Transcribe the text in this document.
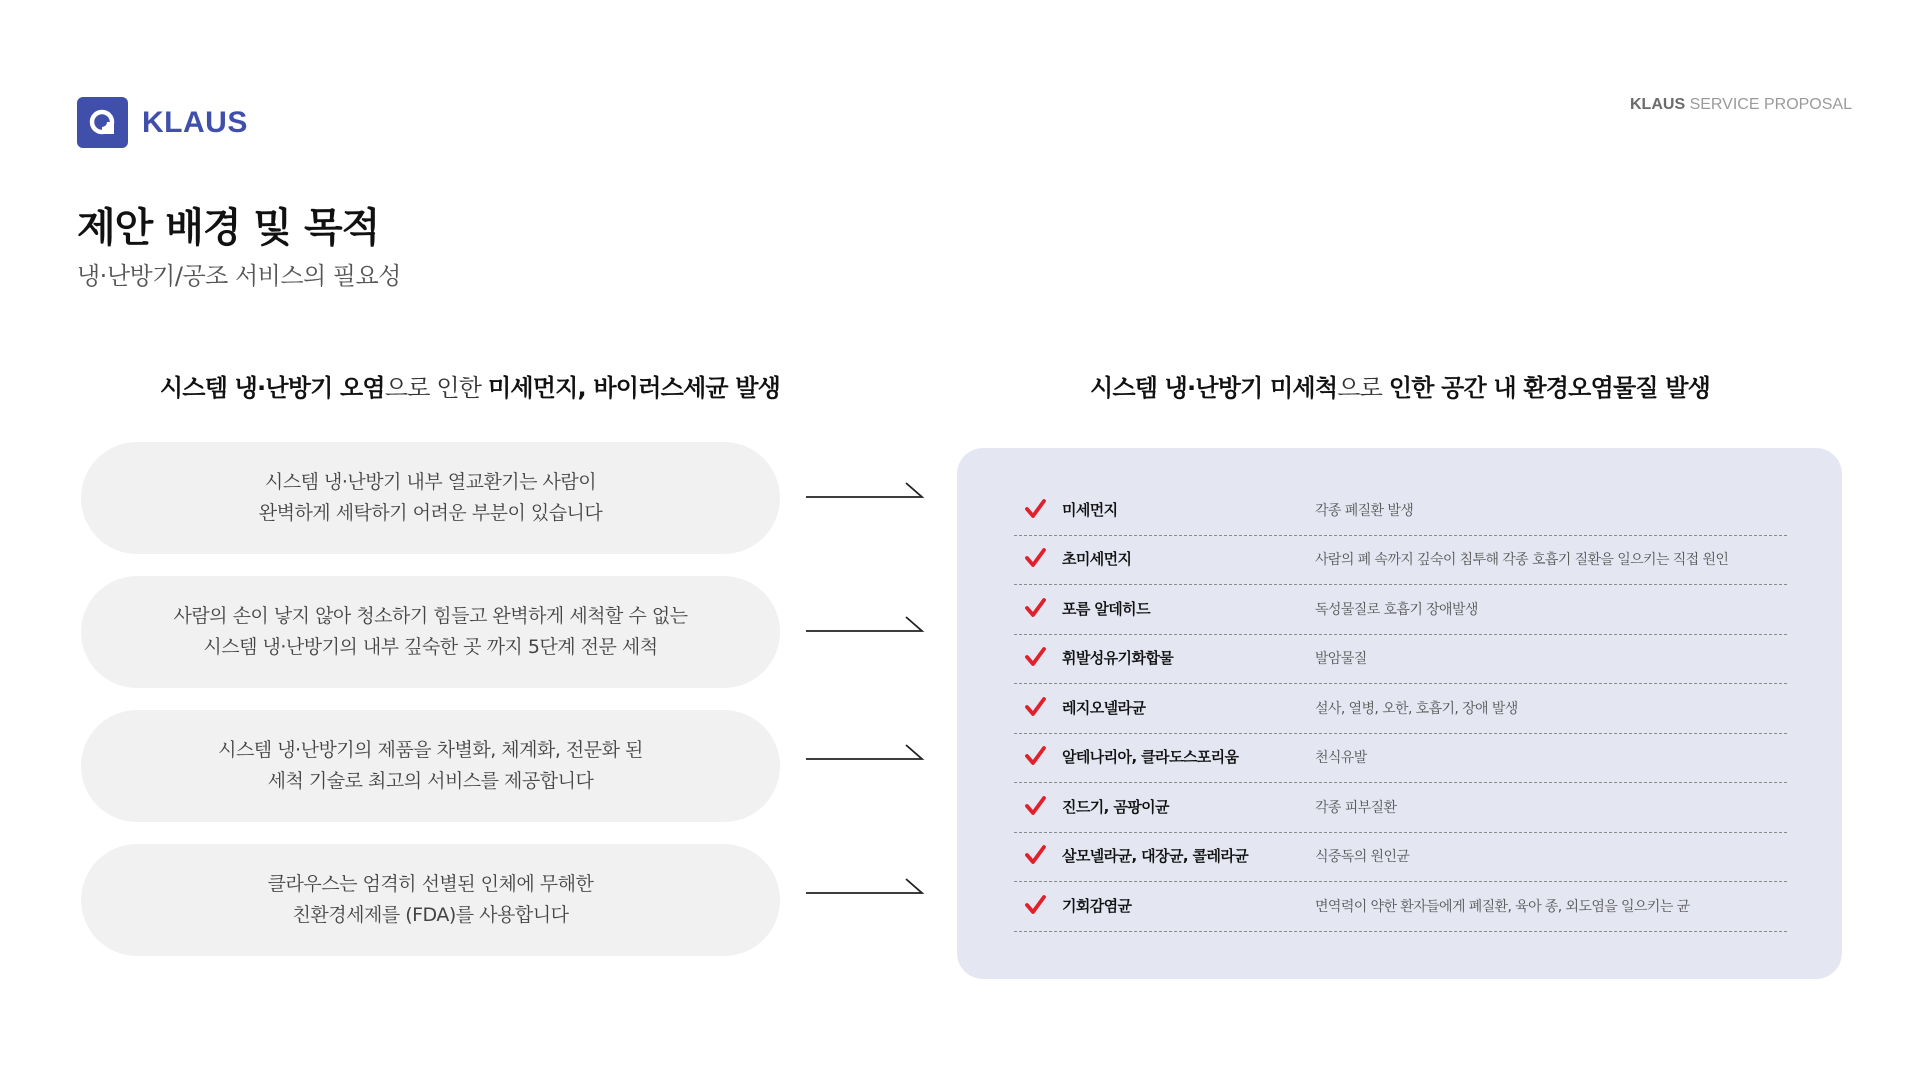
KLAUS
KLAUS SERVICE PROPOSAL
제안 배경 및 목적
냉·난방기/공조 서비스의 필요성
시스템 냉·난방기 오염으로 인한 미세먼지, 바이러스세균 발생	시스템 냉·난방기 미세척으로 인한 공간 내 환경오염물질 발생
시스템 냉·난방기 내부 열교환기는 사람이
완벽하게 세탁하기 어려운 부분이 있습니다
사람의 손이 낳지 않아 청소하기 힘들고 완벽하게 세척할 수 없는
시스템 냉·난방기의 내부 깊숙한 곳 까지 5단계 전문 세척
시스템 냉·난방기의 제품을 차별화, 체계화, 전문화 된
세척 기술로 최고의 서비스를 제공합니다
클라우스는 엄격히 선별된 인체에 무해한
친환경세제를 (FDA)를 사용합니다
미세먼지	각종 폐질환 발생
초미세먼지	사람의 폐 속까지 깊숙이 침투해 각종 호흡기 질환을 일으키는 직접 원인
포름 알데히드	독성물질로 호흡기 장애발생
휘발성유기화합물	발암물질
레지오넬라균	설사, 열병, 오한, 호흡기, 장애 발생
알테나리아, 클라도스포리움	천식유발
진드기, 곰팡이균	각종 피부질환
살모넬라균, 대장균, 콜레라균	식중독의 원인균
기회감염균	면역력이 약한 환자들에게 폐질환, 육아 종, 외도염을 일으키는 균
